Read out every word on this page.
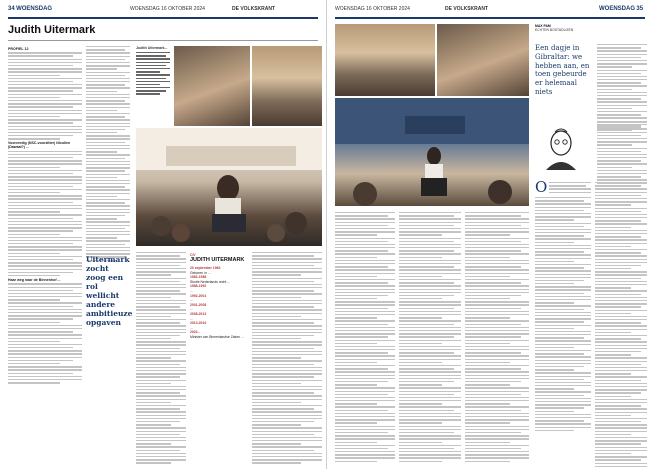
34 WOENSDAG	WOENSDAG 16 OKTOBER 2024	DE VOLKSKRANT
Judith Uitermark
PROFIEL 12
Voorvredig (NSC-voorzitter) Nicolien (Dawaal?) ...
Haar weg naar de Binnenhof ...
Judith Uitermark...
Uitermark zocht zoog een rol wellicht andere ambitieuze opgaven
CV
JUDITH UITERMARK
20 september 1963
Geboren in ...
1982-1988
Studie Nederlands recht ...
1988-1992
...
1992-2001
...
2001-2008
...
2008-2013
...
2013-2024
...
2024 -
Minister van Binnenlandse Zaken ...
WOENSDAG 16 OKTOBER 2024	DE VOLKSKRANT	WOENSDAG 35
MAX PAM
ECHTEN BOSTADLIZEN
Een dagje in Gibraltar: we hebben aan, en toen gebeurde er helemaal niets
O
